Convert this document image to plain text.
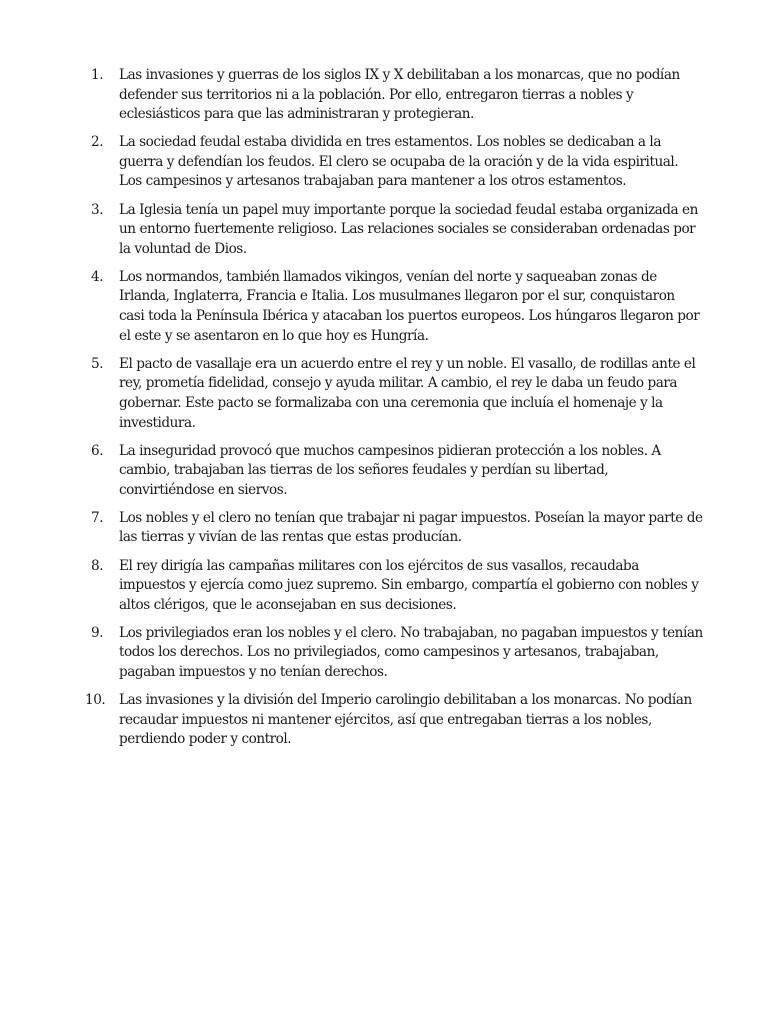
1.	Las invasiones y guerras de los siglos IX y X debilitaban a los monarcas, que no podían defender sus territorios ni a la población. Por ello, entregaron tierras a nobles y eclesiásticos para que las administraran y protegieran.
2.	La sociedad feudal estaba dividida en tres estamentos. Los nobles se dedicaban a la guerra y defendían los feudos. El clero se ocupaba de la oración y de la vida espiritual. Los campesinos y artesanos trabajaban para mantener a los otros estamentos.
3.	La Iglesia tenía un papel muy importante porque la sociedad feudal estaba organizada en un entorno fuertemente religioso. Las relaciones sociales se consideraban ordenadas por la voluntad de Dios.
4.	Los normandos, también llamados vikingos, venían del norte y saqueaban zonas de Irlanda, Inglaterra, Francia e Italia. Los musulmanes llegaron por el sur, conquistaron casi toda la Península Ibérica y atacaban los puertos europeos. Los húngaros llegaron por el este y se asentaron en lo que hoy es Hungría.
5.	El pacto de vasallaje era un acuerdo entre el rey y un noble. El vasallo, de rodillas ante el rey, prometía fidelidad, consejo y ayuda militar. A cambio, el rey le daba un feudo para gobernar. Este pacto se formalizaba con una ceremonia que incluía el homenaje y la investidura.
6.	La inseguridad provocó que muchos campesinos pidieran protección a los nobles. A cambio, trabajaban las tierras de los señores feudales y perdían su libertad, convirtiéndose en siervos.
7.	Los nobles y el clero no tenían que trabajar ni pagar impuestos. Poseían la mayor parte de las tierras y vivían de las rentas que estas producían.
8.	El rey dirigía las campañas militares con los ejércitos de sus vasallos, recaudaba impuestos y ejercía como juez supremo. Sin embargo, compartía el gobierno con nobles y altos clérigos, que le aconsejaban en sus decisiones.
9.	Los privilegiados eran los nobles y el clero. No trabajaban, no pagaban impuestos y tenían todos los derechos. Los no privilegiados, como campesinos y artesanos, trabajaban, pagaban impuestos y no tenían derechos.
10.	Las invasiones y la división del Imperio carolingio debilitaban a los monarcas. No podían recaudar impuestos ni mantener ejércitos, así que entregaban tierras a los nobles, perdiendo poder y control.
